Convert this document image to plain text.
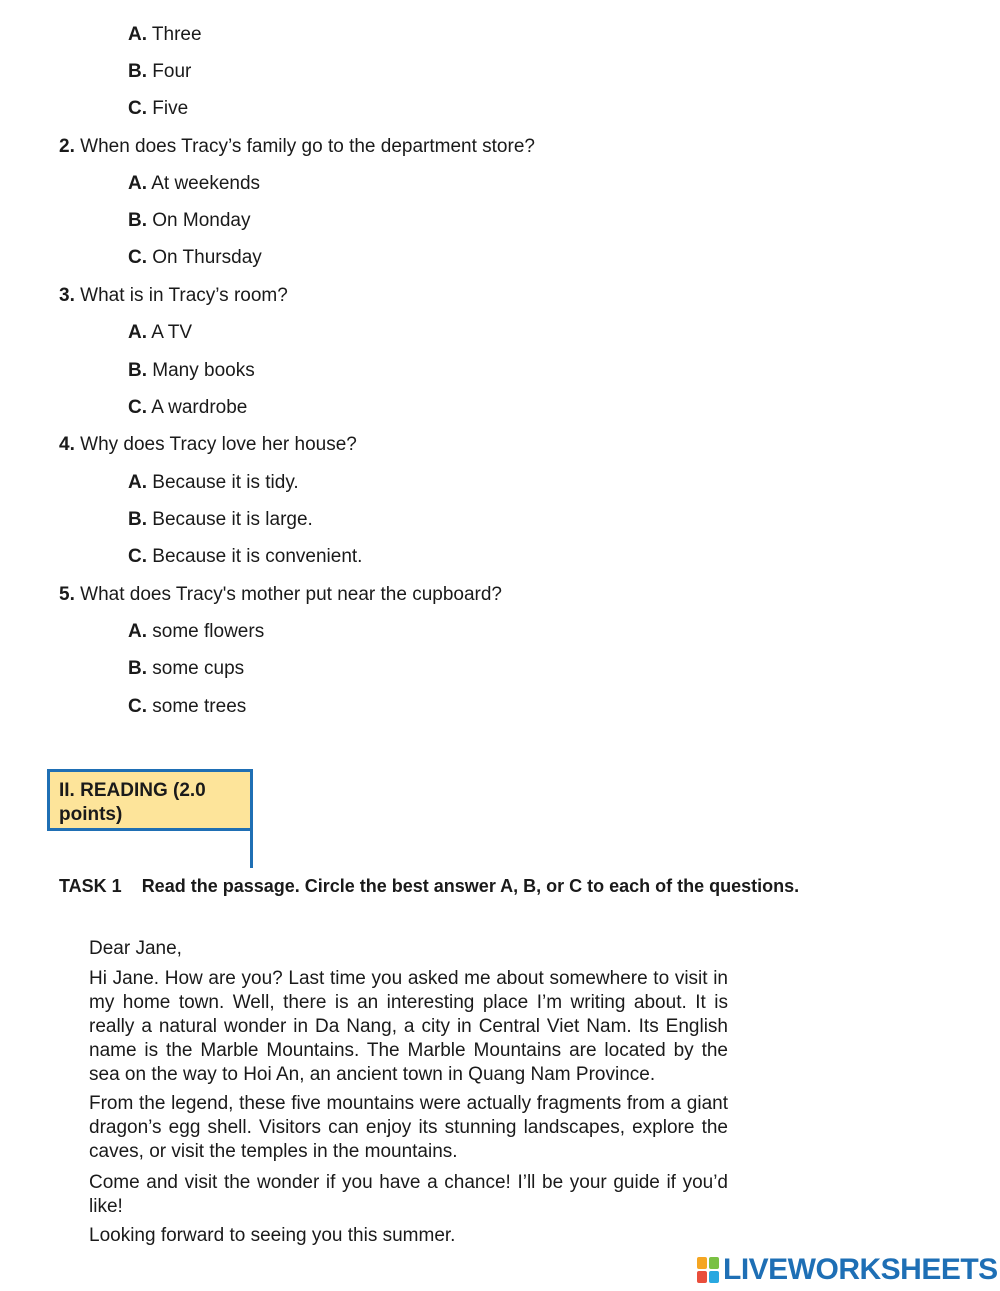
A. Three
B. Four
C. Five
2. When does Tracy’s family go to the department store?
A. At weekends
B. On Monday
C. On Thursday
3. What is in Tracy’s room?
A. A TV
B. Many books
C. A wardrobe
4. Why does Tracy love her house?
A. Because it is tidy.
B. Because it is large.
C. Because it is convenient.
5. What does Tracy's mother put near the cupboard?
A. some flowers
B. some cups
C. some trees
II. READING (2.0 points)
TASK 1 Read the passage. Circle the best answer A, B, or C to each of the questions.
Dear Jane,
Hi Jane. How are you? Last time you asked me about somewhere to visit in my home town. Well, there is an interesting place I’m writing about. It is really a natural wonder in Da Nang, a city in Central Viet Nam. Its English name is the Marble Mountains. The Marble Mountains are located by the sea on the way to Hoi An, an ancient town in Quang Nam Province.
From the legend, these five mountains were actually fragments from a giant dragon’s egg shell. Visitors can enjoy its stunning landscapes, explore the caves, or visit the temples in the mountains.
Come and visit the wonder if you have a chance! I’ll be your guide if you’d like!
Looking forward to seeing you this summer.
LIVEWORKSHEETS
